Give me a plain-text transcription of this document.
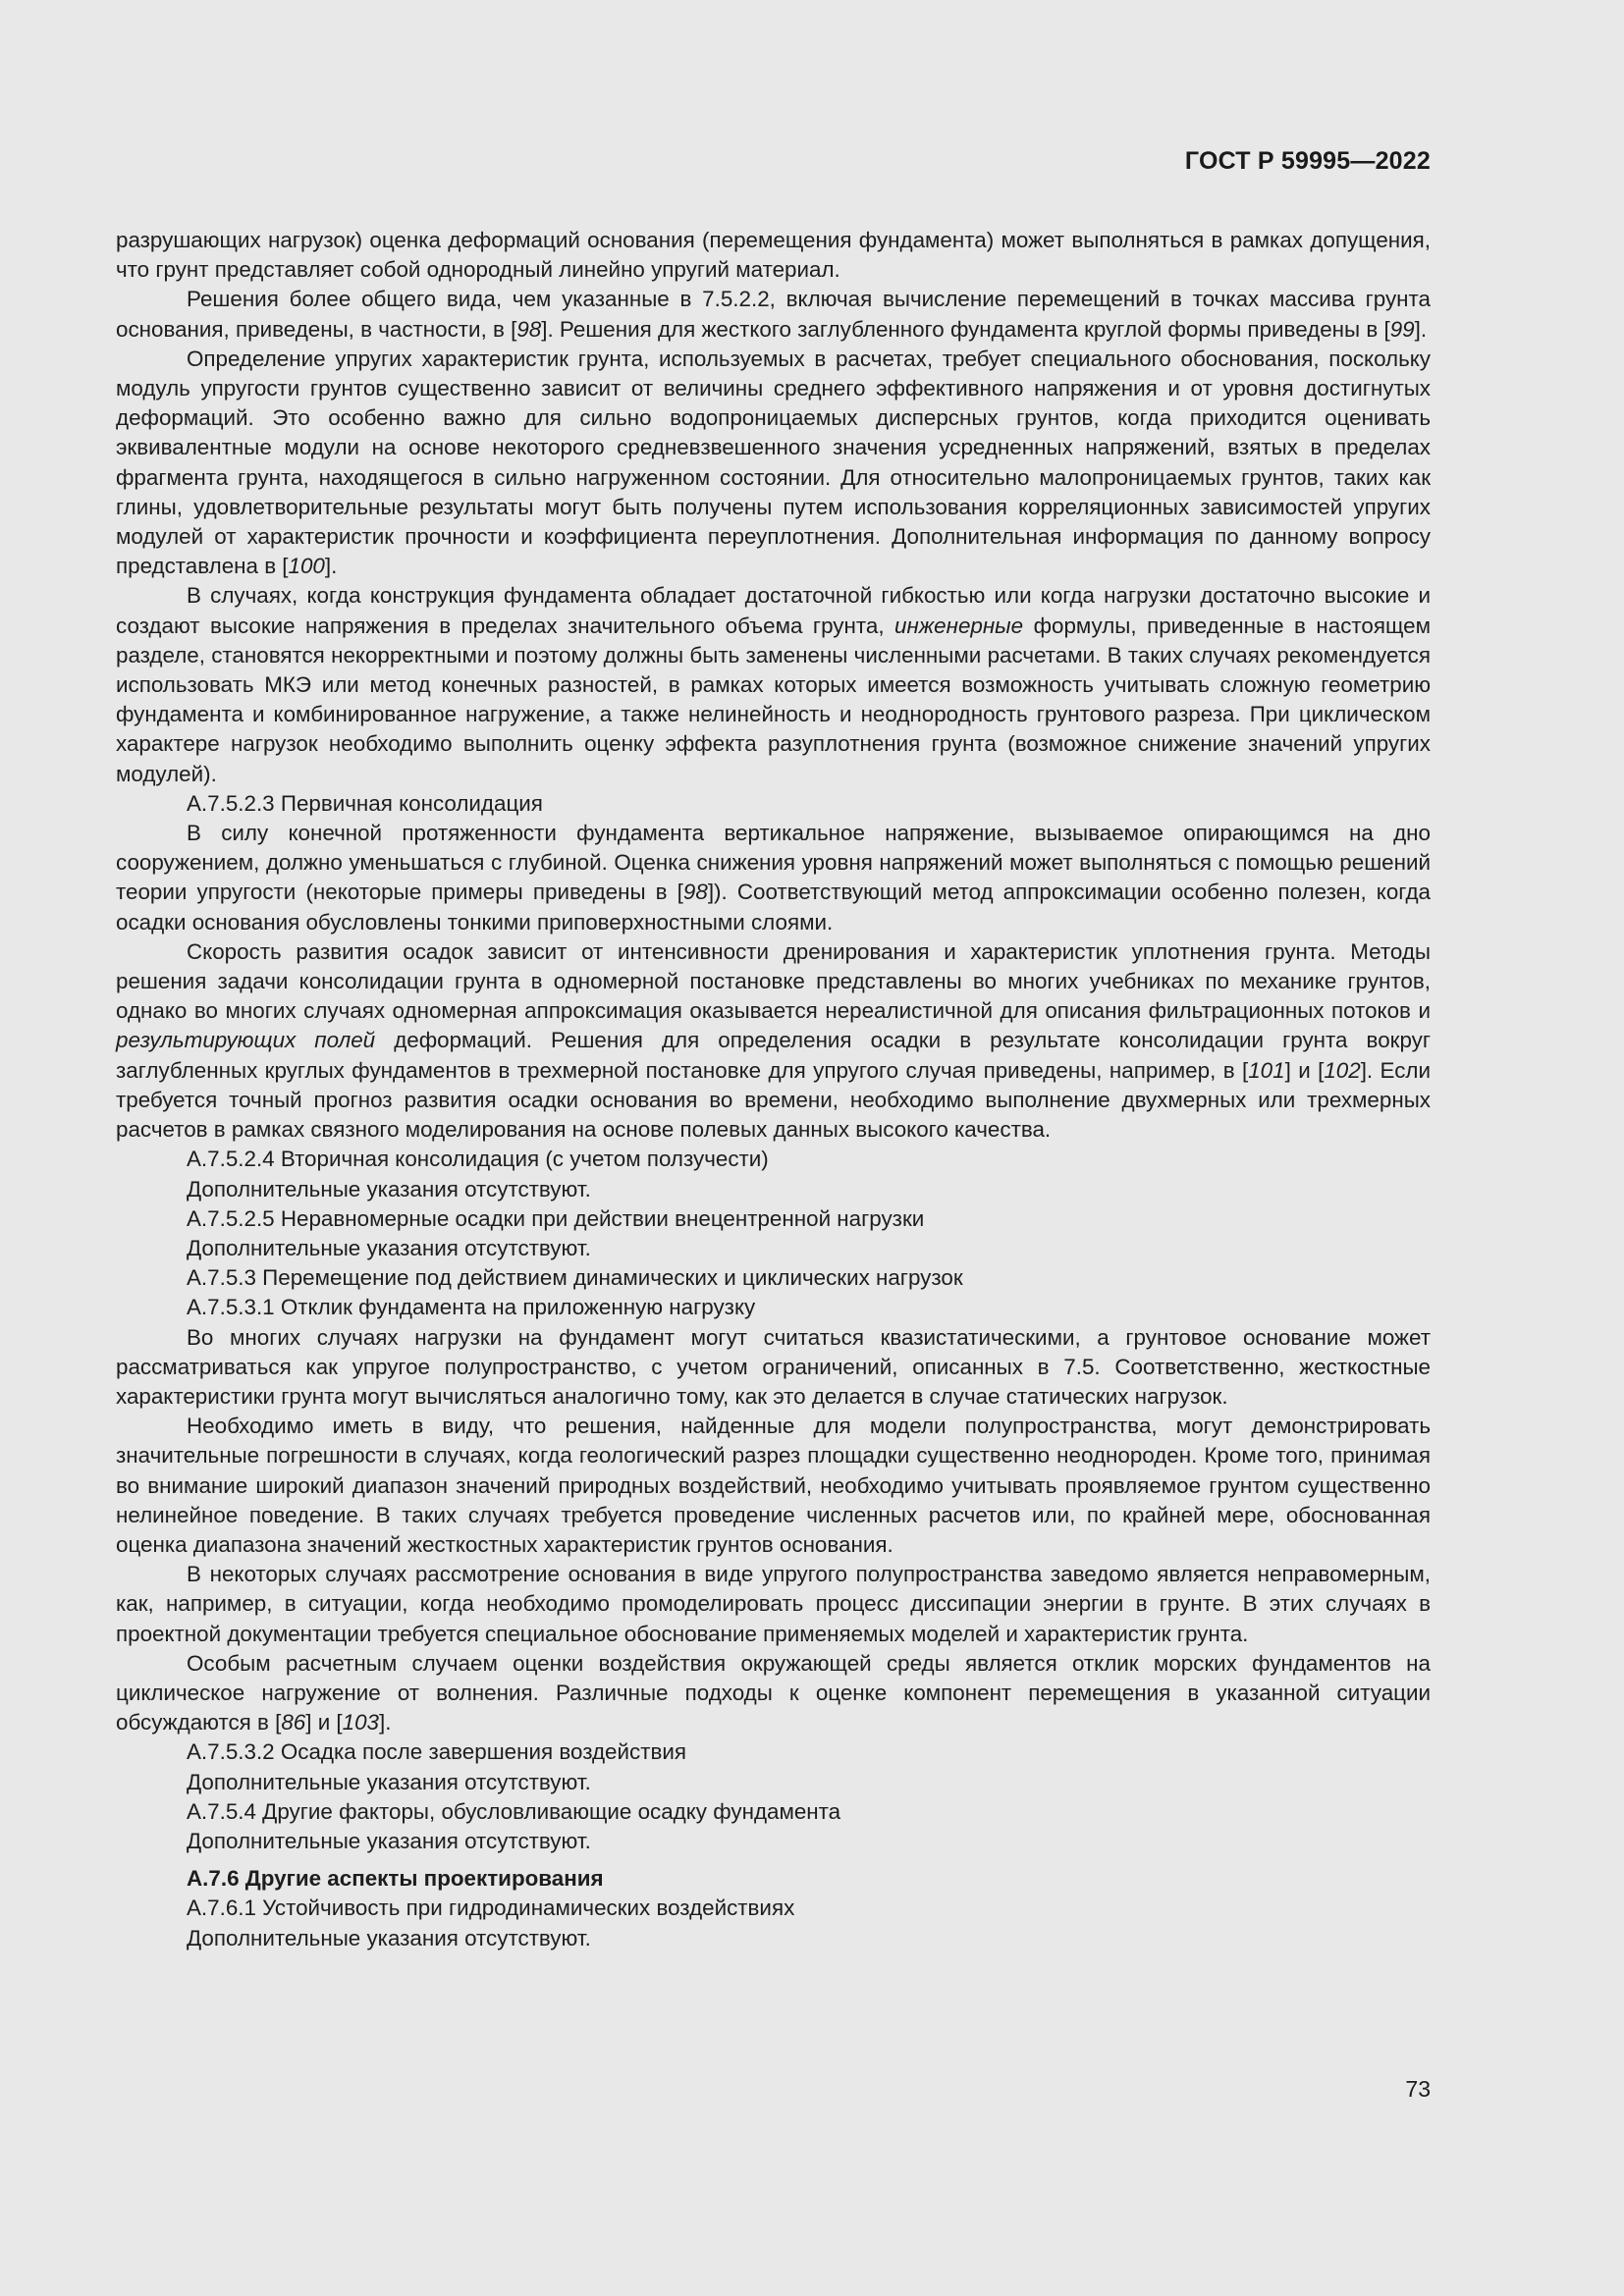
ГОСТ Р 59995—2022

разрушающих нагрузок) оценка деформаций основания (перемещения фундамента) может выполняться в рамках допущения, что грунт представляет собой однородный линейно упругий материал.

Решения более общего вида, чем указанные в 7.5.2.2, включая вычисление перемещений в точках массива грунта основания, приведены, в частности, в [98]. Решения для жесткого заглубленного фундамента круглой формы приведены в [99].

Определение упругих характеристик грунта, используемых в расчетах, требует специального обоснования, поскольку модуль упругости грунтов существенно зависит от величины среднего эффективного напряжения и от уровня достигнутых деформаций. Это особенно важно для сильно водопроницаемых дисперсных грунтов, когда приходится оценивать эквивалентные модули на основе некоторого средневзвешенного значения усредненных напряжений, взятых в пределах фрагмента грунта, находящегося в сильно нагруженном состоянии. Для относительно малопроницаемых грунтов, таких как глины, удовлетворительные результаты могут быть получены путем использования корреляционных зависимостей упругих модулей от характеристик прочности и коэффициента переуплотнения. Дополнительная информация по данному вопросу представлена в [100].

В случаях, когда конструкция фундамента обладает достаточной гибкостью или когда нагрузки достаточно высокие и создают высокие напряжения в пределах значительного объема грунта, инженерные формулы, приведенные в настоящем разделе, становятся некорректными и поэтому должны быть заменены численными расчетами. В таких случаях рекомендуется использовать МКЭ или метод конечных разностей, в рамках которых имеется возможность учитывать сложную геометрию фундамента и комбинированное нагружение, а также нелинейность и неоднородность грунтового разреза. При циклическом характере нагрузок необходимо выполнить оценку эффекта разуплотнения грунта (возможное снижение значений упругих модулей).

А.7.5.2.3 Первичная консолидация

В силу конечной протяженности фундамента вертикальное напряжение, вызываемое опирающимся на дно сооружением, должно уменьшаться с глубиной. Оценка снижения уровня напряжений может выполняться с помощью решений теории упругости (некоторые примеры приведены в [98]). Соответствующий метод аппроксимации особенно полезен, когда осадки основания обусловлены тонкими приповерхностными слоями.

Скорость развития осадок зависит от интенсивности дренирования и характеристик уплотнения грунта. Методы решения задачи консолидации грунта в одномерной постановке представлены во многих учебниках по механике грунтов, однако во многих случаях одномерная аппроксимация оказывается нереалистичной для описания фильтрационных потоков и результирующих полей деформаций. Решения для определения осадки в результате консолидации грунта вокруг заглубленных круглых фундаментов в трехмерной постановке для упругого случая приведены, например, в [101] и [102]. Если требуется точный прогноз развития осадки основания во времени, необходимо выполнение двухмерных или трехмерных расчетов в рамках связного моделирования на основе полевых данных высокого качества.

А.7.5.2.4 Вторичная консолидация (с учетом ползучести)
Дополнительные указания отсутствуют.
А.7.5.2.5 Неравномерные осадки при действии внецентренной нагрузки
Дополнительные указания отсутствуют.
А.7.5.3 Перемещение под действием динамических и циклических нагрузок
А.7.5.3.1 Отклик фундамента на приложенную нагрузку

Во многих случаях нагрузки на фундамент могут считаться квазистатическими, а грунтовое основание может рассматриваться как упругое полупространство, с учетом ограничений, описанных в 7.5. Соответственно, жесткостные характеристики грунта могут вычисляться аналогично тому, как это делается в случае статических нагрузок.

Необходимо иметь в виду, что решения, найденные для модели полупространства, могут демонстрировать значительные погрешности в случаях, когда геологический разрез площадки существенно неоднороден. Кроме того, принимая во внимание широкий диапазон значений природных воздействий, необходимо учитывать проявляемое грунтом существенно нелинейное поведение. В таких случаях требуется проведение численных расчетов или, по крайней мере, обоснованная оценка диапазона значений жесткостных характеристик грунтов основания.

В некоторых случаях рассмотрение основания в виде упругого полупространства заведомо является неправомерным, как, например, в ситуации, когда необходимо промоделировать процесс диссипации энергии в грунте. В этих случаях в проектной документации требуется специальное обоснование применяемых моделей и характеристик грунта.

Особым расчетным случаем оценки воздействия окружающей среды является отклик морских фундаментов на циклическое нагружение от волнения. Различные подходы к оценке компонент перемещения в указанной ситуации обсуждаются в [86] и [103].

А.7.5.3.2 Осадка после завершения воздействия
Дополнительные указания отсутствуют.
А.7.5.4 Другие факторы, обусловливающие осадку фундамента
Дополнительные указания отсутствуют.
А.7.6 Другие аспекты проектирования
А.7.6.1 Устойчивость при гидродинамических воздействиях
Дополнительные указания отсутствуют.
73
